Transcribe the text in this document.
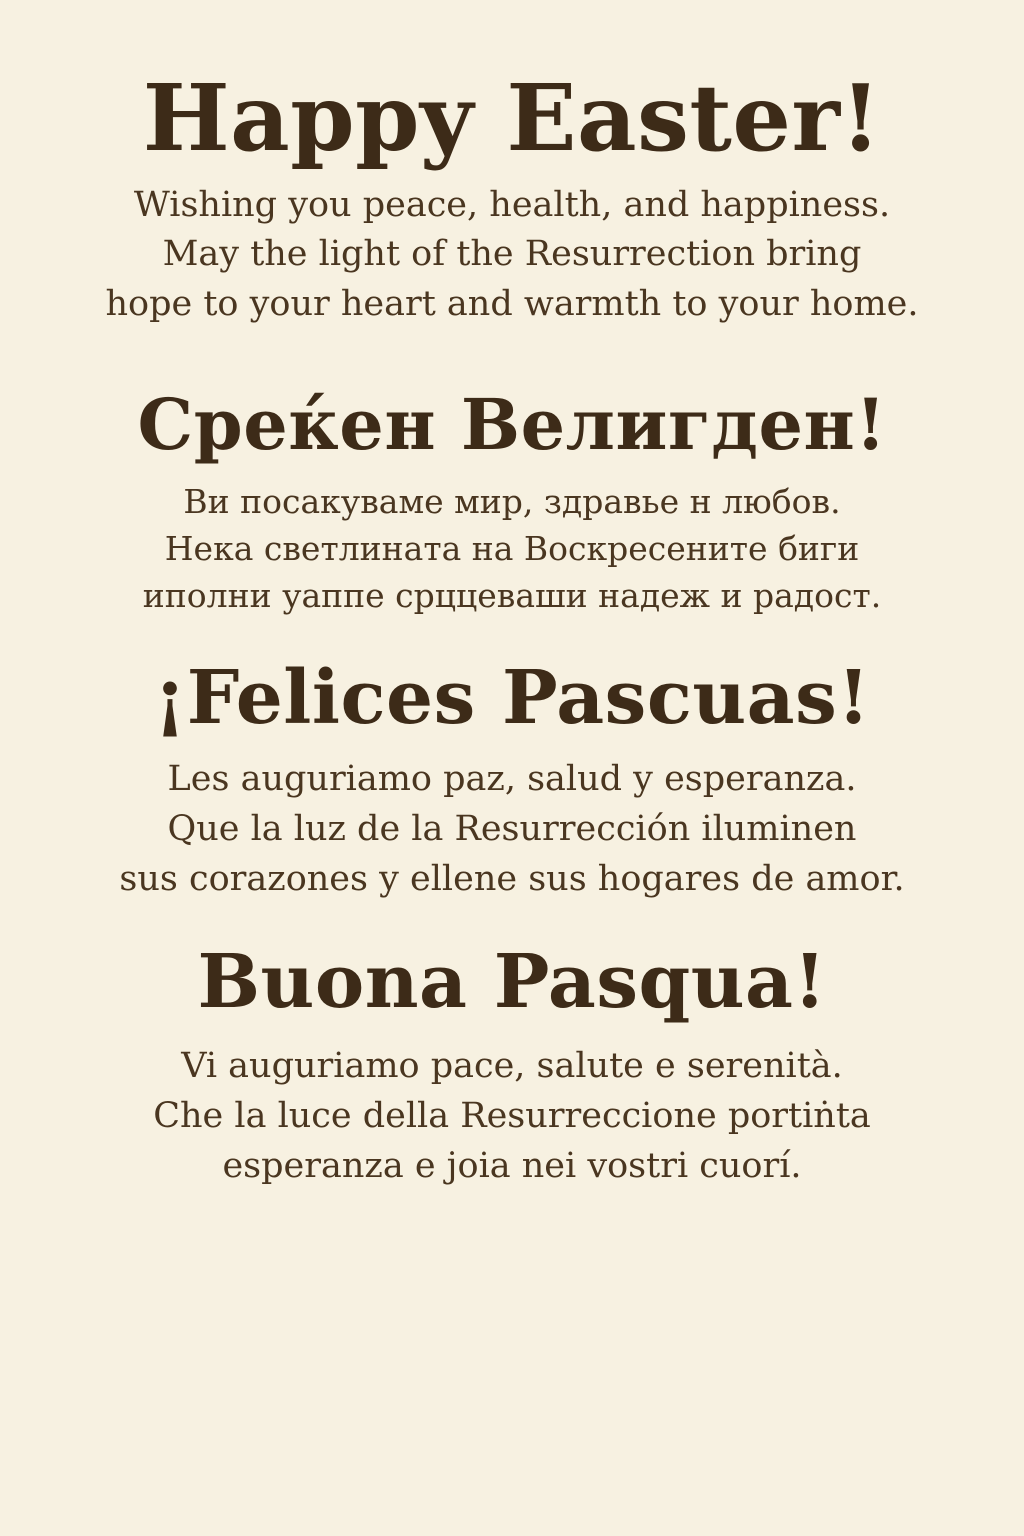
Happy Easter!
Wishing you peace, health, and happiness.
May the light of the Resurrection bring
hope to your heart and warmth to your home.
Среќен Велигден!
Ви посакуваме мир, здравье н любов.
Нека светлината на Воскресените биги
иполни уаппе срццеваши надеж и радост.
¡Felices Pascuas!
Les auguriamo paz, salud y esperanza.
Que la luz de la Resurrección iluminen
sus corazones y ellene sus hogares de amor.
Buona Pasqua!
Vi auguriamo pace, salute e serenità.
Che la luce della Resurreccione portiṅta
esperanza e joia nei vostri cuorí.
